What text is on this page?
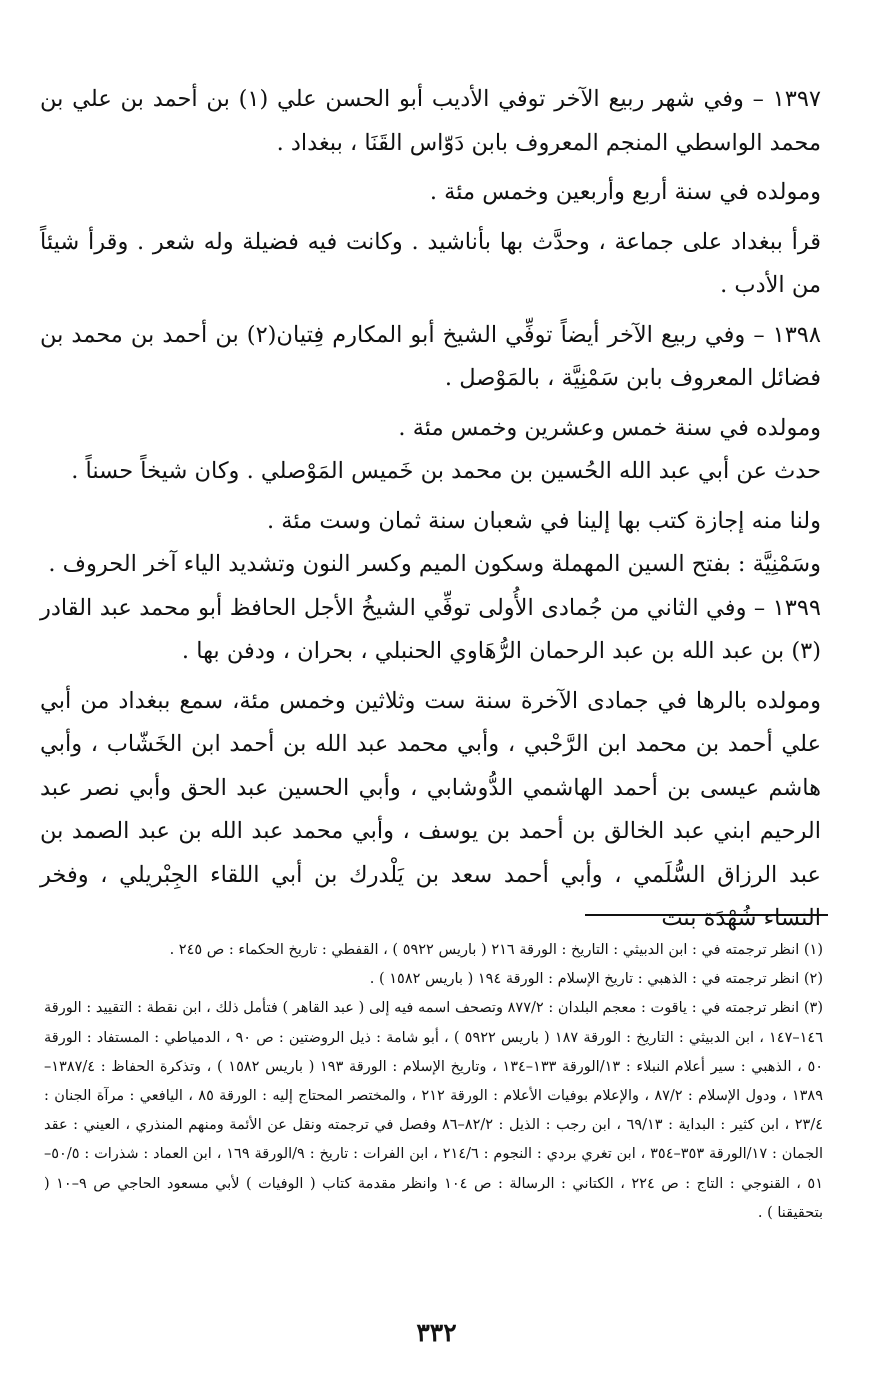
١٣٩٧ – وفي شهر ربيع الآخر توفي الأديب أبو الحسن علي (١) بن أحمد بن علي بن محمد الواسطي المنجم المعروف بابن دَوّاس القَنَا ، ببغداد .

ومولده في سنة أربع وأربعين وخمس مئة .

قرأ ببغداد على جماعة ، وحدَّث بها بأناشيد . وكانت فيه فضيلة وله شعر . وقرأ شيئاً من الأدب .

١٣٩٨ – وفي ربيع الآخر أيضاً توفِّي الشيخ أبو المكارم فِتيان(٢) بن أحمد بن محمد بن فضائل المعروف بابن سَمْنِيَّة ، بالمَوْصل .

ومولده في سنة خمس وعشرين وخمس مئة .

حدث عن أبي عبد الله الحُسين بن محمد بن خَميس المَوْصلي . وكان شيخاً حسناً .

ولنا منه إجازة كتب بها إلينا في شعبان سنة ثمان وست مئة .

وسَمْنِيَّة : بفتح السين المهملة وسكون الميم وكسر النون وتشديد الياء آخر الحروف .

١٣٩٩ – وفي الثاني من جُمادى الأُولى توفِّي الشيخُ الأجل الحافظ أبو محمد عبد القادر (٣) بن عبد الله بن عبد الرحمان الرُّهَاوي الحنبلي ، بحران ، ودفن بها .

ومولده بالرها في جمادى الآخرة سنة ست وثلاثين وخمس مئة، سمع ببغداد من أبي علي أحمد بن محمد ابن الرَّحْبي ، وأبي محمد عبد الله بن أحمد ابن الخَشّاب ، وأبي هاشم عيسى بن أحمد الهاشمي الدُّوشابي ، وأبي الحسين عبد الحق وأبي نصر عبد الرحيم ابني عبد الخالق بن أحمد بن يوسف ، وأبي محمد عبد الله بن عبد الصمد بن عبد الرزاق السُّلَمي ، وأبي أحمد سعد بن يَلْدرك بن أبي اللقاء الجِبْريلي ، وفخر النساء شُهْدَة بنت

(١) انظر ترجمته في : ابن الدبيثي : التاريخ : الورقة ٢١٦ ( باريس ٥٩٢٢ ) ، القفطي : تاريخ الحكماء : ص ٢٤٥ .

(٢) انظر ترجمته في : الذهبي : تاريخ الإسلام : الورقة ١٩٤ ( باريس ١٥٨٢ ) .

(٣) انظر ترجمته في : ياقوت : معجم البلدان : ٨٧٧/٢ وتصحف اسمه فيه إلى ( عبد القاهر ) فتأمل ذلك ، ابن نقطة : التقييد : الورقة ١٤٦–١٤٧ ، ابن الدبيثي : التاريخ : الورقة ١٨٧ ( باريس ٥٩٢٢ ) ، أبو شامة : ذيل الروضتين : ص ٩٠ ، الدمياطي : المستفاد : الورقة ٥٠ ، الذهبي : سير أعلام النبلاء : ١٣/الورقة ١٣٣–١٣٤ ، وتاريخ الإسلام : الورقة ١٩٣ ( باريس ١٥٨٢ ) ، وتذكرة الحفاظ : ١٣٨٧/٤–١٣٨٩ ، ودول الإسلام : ٨٧/٢ ، والإعلام بوفيات الأعلام : الورقة ٢١٢ ، والمختصر المحتاج إليه : الورقة ٨٥ ، اليافعي : مرآة الجنان : ٢٣/٤ ، ابن كثير : البداية : ٦٩/١٣ ، ابن رجب : الذيل : ٨٢/٢–٨٦ وفصل في ترجمته ونقل عن الأئمة ومنهم المنذري ، العيني : عقد الجمان : ١٧/الورقة ٣٥٣–٣٥٤ ، ابن تغري بردي : النجوم : ٢١٤/٦ ، ابن الفرات : تاريخ : ٩/الورقة ١٦٩ ، ابن العماد : شذرات : ٥٠/٥–٥١ ، القنوجي : التاج : ص ٢٢٤ ، الكتاني : الرسالة : ص ١٠٤ وانظر مقدمة كتاب ( الوفيات ) لأبي مسعود الحاجي ص ٩–١٠ ( بتحقيقنا ) .

٣٣٢
